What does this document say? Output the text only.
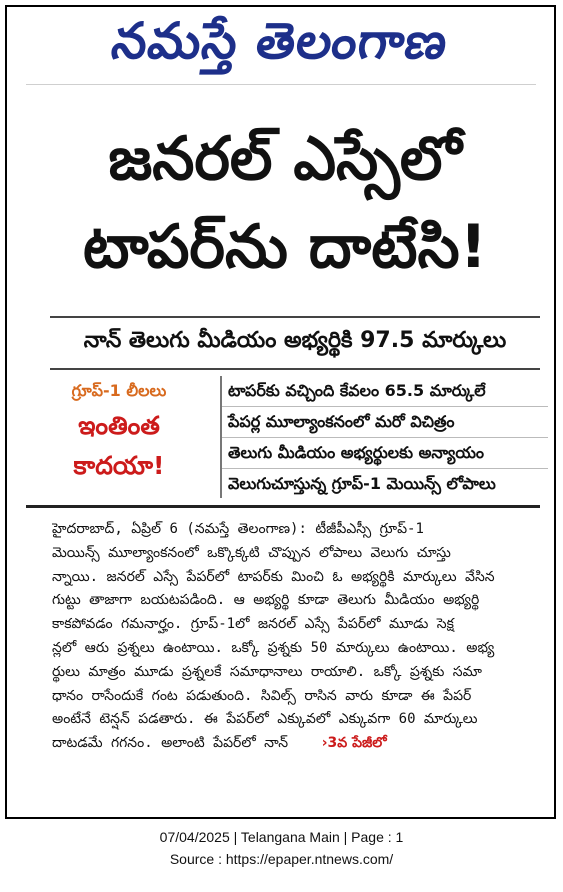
నమస్తే తెలంగాణ
జనరల్ ఎస్సేలో
టాపర్‌ను దాటేసి!
నాన్ తెలుగు మీడియం అభ్యర్థికి 97.5 మార్కులు
గ్రూప్-1 లీలలు
ఇంతింత
కాదయా!
టాపర్‌కు వచ్చింది కేవలం 65.5 మార్కులే
పేపర్ల మూల్యాంకనంలో మరో విచిత్రం
తెలుగు మీడియం అభ్యర్థులకు అన్యాయం
వెలుగుచూస్తున్న గ్రూప్-1 మెయిన్స్ లోపాలు
హైదరాబాద్, ఏప్రిల్ 6 (నమస్తే తెలంగాణ): టీజీపీఎస్సీ గ్రూప్-1
మెయిన్స్ మూల్యాంకనంలో ఒక్కొక్కటి చొప్పున లోపాలు వెలుగు చూస్తు
న్నాయి. జనరల్ ఎస్సే పేపర్‌లో టాపర్‌కు మించి ఓ అభ్యర్థికి మార్కులు వేసిన
గుట్టు తాజాగా బయటపడింది. ఆ అభ్యర్థి కూడా తెలుగు మీడియం అభ్యర్థి
కాకపోవడం గమనార్హం. గ్రూప్-1లో జనరల్ ఎస్సే పేపర్‌లో మూడు సెక్ష
న్లలో ఆరు ప్రశ్నలు ఉంటాయి. ఒక్కో ప్రశ్నకు 50 మార్కులు ఉంటాయి. అభ్య
ర్థులు మాత్రం మూడు ప్రశ్నలకే సమాధానాలు రాయాలి. ఒక్కో ప్రశ్నకు సమా
ధానం రాసేందుకే గంట పడుతుంది. సివిల్స్ రాసిన వారు కూడా ఈ పేపర్
అంటేనే టెన్షన్ పడతారు. ఈ పేపర్‌లో ఎక్కువలో ఎక్కువగా 60 మార్కులు
దాటడమే గగనం. అలాంటి పేపర్‌లో నాన్ ›3వ పేజీలో
07/04/2025 | Telangana Main | Page : 1
Source : https://epaper.ntnews.com/
